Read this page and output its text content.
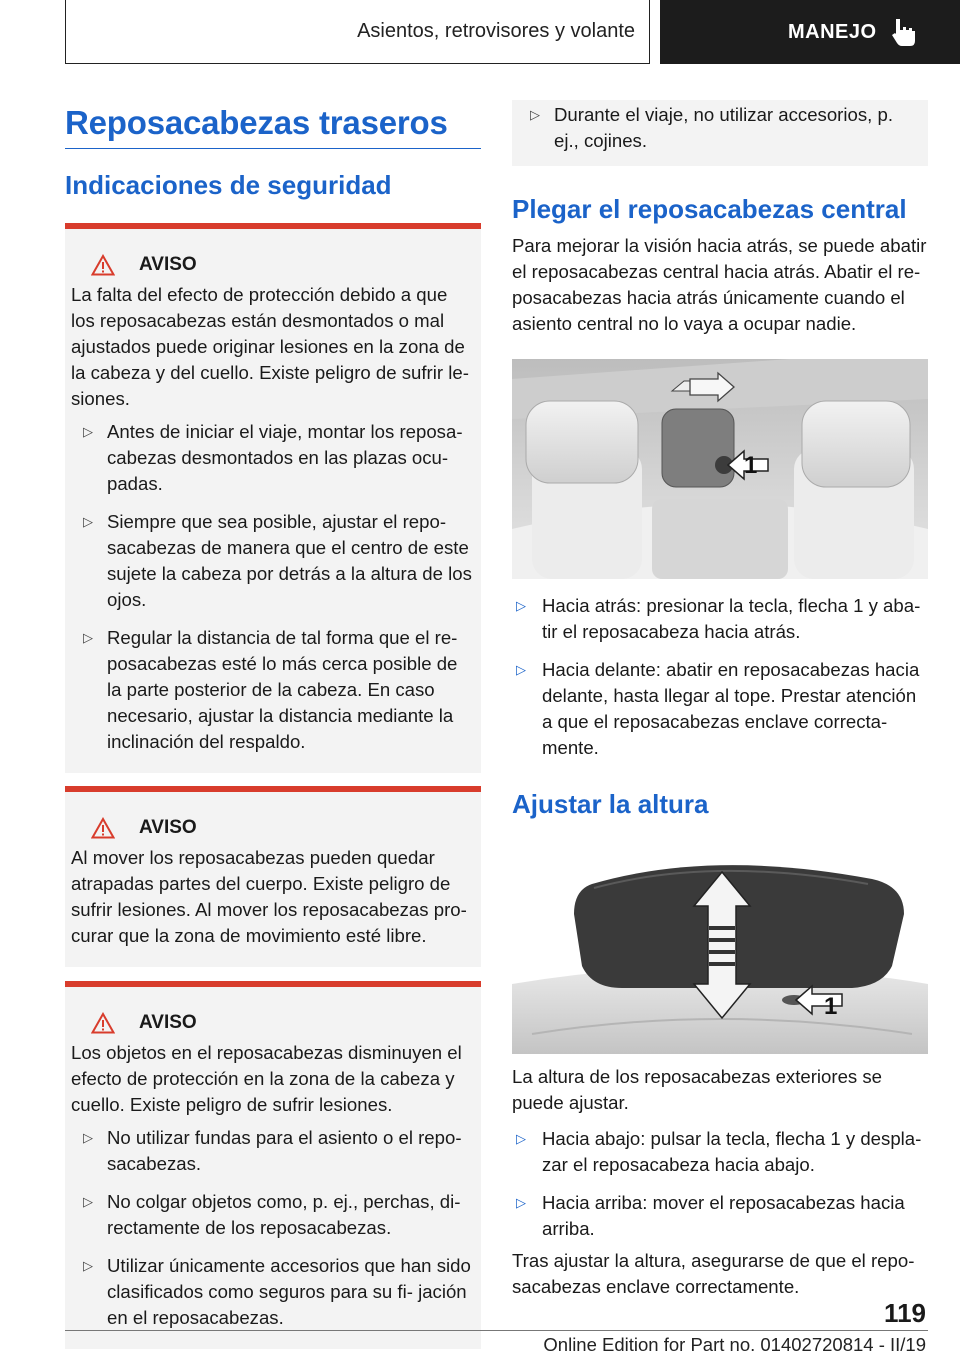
Asientos, retrovisores y volante	MANEJO
Reposacabezas traseros
Indicaciones de seguridad
AVISO

La falta del efecto de protección debido a que los reposacabezas están desmontados o mal ajustados puede originar lesiones en la zona de la cabeza y del cuello. Existe peligro de sufrir le‐ siones.

▷ Antes de iniciar el viaje, montar los reposa‐ cabezas desmontados en las plazas ocu‐ padas.
▷ Siempre que sea posible, ajustar el repo‐ sacabezas de manera que el centro de este sujete la cabeza por detrás a la altura de los ojos.
▷ Regular la distancia de tal forma que el re‐ posacabezas esté lo más cerca posible de la parte posterior de la cabeza. En caso necesario, ajustar la distancia mediante la inclinación del respaldo.
AVISO

Al mover los reposacabezas pueden quedar atrapadas partes del cuerpo. Existe peligro de sufrir lesiones. Al mover los reposacabezas pro‐ curar que la zona de movimiento esté libre.

AVISO

Los objetos en el reposacabezas disminuyen el efecto de protección en la zona de la cabeza y cuello. Existe peligro de sufrir lesiones.

▷ No utilizar fundas para el asiento o el repo‐ sacabezas.
▷ No colgar objetos como, p. ej., perchas, di‐ rectamente de los reposacabezas.
▷ Utilizar únicamente accesorios que han sido clasificados como seguros para su fi‐ jación en el reposacabezas.
▷ Durante el viaje, no utilizar accesorios, p. ej., cojines.
Plegar el reposacabezas central

Para mejorar la visión hacia atrás, se puede abatir el reposacabezas central hacia atrás. Abatir el re‐ posacabezas hacia atrás únicamente cuando el asiento central no lo vaya a ocupar nadie.

1
▷ Hacia atrás: presionar la tecla, flecha 1 y aba‐ tir el reposacabeza hacia atrás.
▷ Hacia delante: abatir en reposacabezas hacia delante, hasta llegar al tope. Prestar atención a que el reposacabezas enclave correcta‐ mente.
Ajustar la altura
1

La altura de los reposacabezas exteriores se puede ajustar.

▷ Hacia abajo: pulsar la tecla, flecha 1 y despla‐ zar el reposacabeza hacia abajo.
▷ Hacia arriba: mover el reposacabezas hacia arriba.

Tras ajustar la altura, asegurarse de que el repo‐ sacabezas enclave correctamente.

119
Online Edition for Part no. 01402720814 - II/19
